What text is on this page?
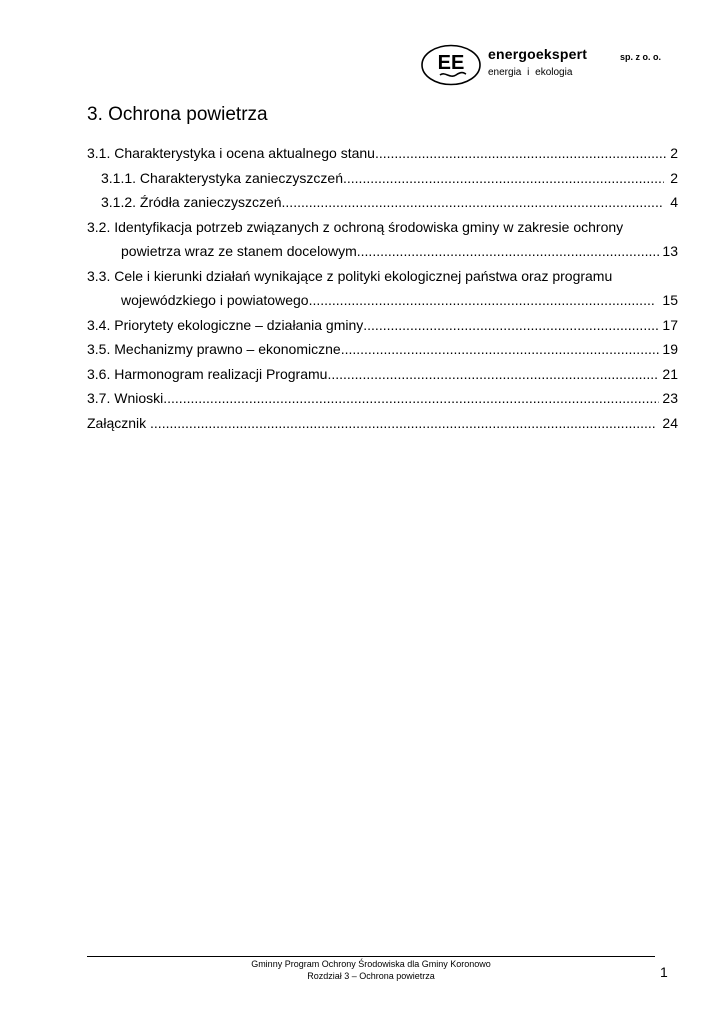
EE energoekspert	sp. z o. o.
energia i ekologia
3. Ochrona powietrza
3.1. Charakterystyka i ocena aktualnego stanu .....	2
3.1.1. Charakterystyka zanieczyszczeń .....	2
3.1.2. Źródła zanieczyszczeń .....	4
3.2. Identyfikacja potrzeb związanych z ochroną środowiska gminy w zakresie ochrony
powietrza wraz ze stanem docelowym .....	13
3.3. Cele i kierunki działań wynikające z polityki ekologicznej państwa oraz programu
wojewódzkiego i powiatowego .....	15
3.4. Priorytety ekologiczne – działania gminy .....	17
3.5. Mechanizmy prawno – ekonomiczne .....	19
3.6. Harmonogram realizacji Programu .....	21
3.7. Wnioski .....	23
Załącznik .....	24
Gminny Program Ochrony Środowiska dla Gminy Koronowo
Rozdział 3 – Ochrona powietrza	1
